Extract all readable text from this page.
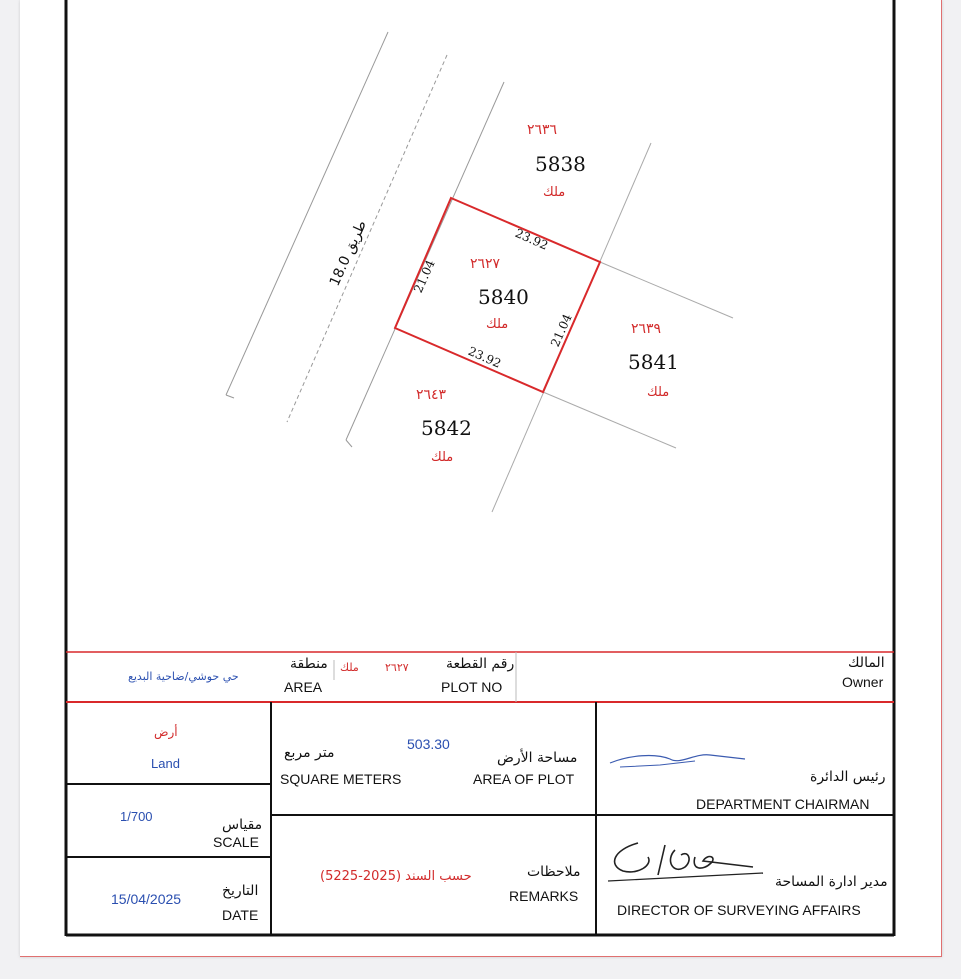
23.92
23.92
21.04
21.04
طريق 18.0
٢٦٣٦
5838
ملك
٢٦٢٧
5840
ملك	٢٦٣٩
5841
ملك
٢٦٤٣
5842
ملك
المالك
Owner
رقم القطعة
PLOT NO
٢٦٢٧
ملك
منطقة
AREA
حي حوشي/ضاحية البديع
رئيس الدائرة
DEPARTMENT CHAIRMAN
مدير ادارة المساحة
DIRECTOR OF SURVEYING AFFAIRS
503.30
مساحة الأرض
AREA OF PLOT
متر مربع
SQUARE METERS
ملاحظات
REMARKS
حسب السند (2025-5225)
أرض
Land
1/700
مقياس
SCALE
15/04/2025	التاريخ
DATE
